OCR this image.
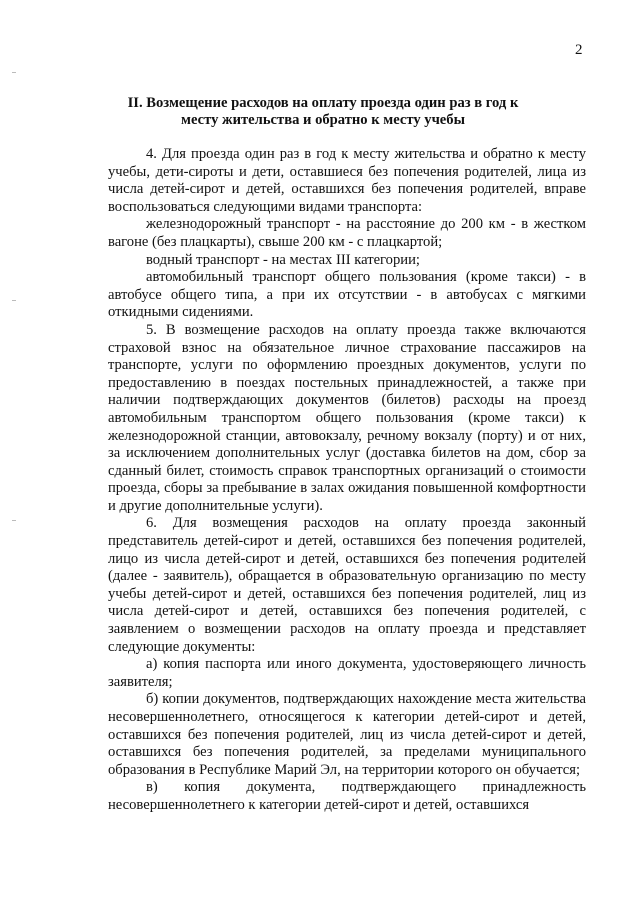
2
II. Возмещение расходов на оплату проезда один раз в год к месту жительства и обратно к месту учебы

4. Для проезда один раз в год к месту жительства и обратно к месту учебы, дети-сироты и дети, оставшиеся без попечения родителей, лица из числа детей-сирот и детей, оставшихся без попечения родителей, вправе воспользоваться следующими видами транспорта:

железнодорожный транспорт - на расстояние до 200 км - в жестком вагоне (без плацкарты), свыше 200 км - с плацкартой;

водный транспорт - на местах III категории;

автомобильный транспорт общего пользования (кроме такси) - в автобусе общего типа, а при их отсутствии - в автобусах с мягкими откидными сидениями.

5. В возмещение расходов на оплату проезда также включаются страховой взнос на обязательное личное страхование пассажиров на транспорте, услуги по оформлению проездных документов, услуги по предоставлению в поездах постельных принадлежностей, а также при наличии подтверждающих документов (билетов) расходы на проезд автомобильным транспортом общего пользования (кроме такси) к железнодорожной станции, автовокзалу, речному вокзалу (порту) и от них, за исключением дополнительных услуг (доставка билетов на дом, сбор за сданный билет, стоимость справок транспортных организаций о стоимости проезда, сборы за пребывание в залах ожидания повышенной комфортности и другие дополнительные услуги).

6. Для возмещения расходов на оплату проезда законный представитель детей-сирот и детей, оставшихся без попечения родителей, лицо из числа детей-сирот и детей, оставшихся без попечения родителей (далее - заявитель), обращается в образовательную организацию по месту учебы детей-сирот и детей, оставшихся без попечения родителей, лиц из числа детей-сирот и детей, оставшихся без попечения родителей, с заявлением о возмещении расходов на оплату проезда и представляет следующие документы:

а) копия паспорта или иного документа, удостоверяющего личность заявителя;

б) копии документов, подтверждающих нахождение места жительства несовершеннолетнего, относящегося к категории детей-сирот и детей, оставшихся без попечения родителей, лиц из числа детей-сирот и детей, оставшихся без попечения родителей, за пределами муниципального образования в Республике Марий Эл, на территории которого он обучается;

в) копия документа, подтверждающего принадлежность несовершеннолетнего к категории детей-сирот и детей, оставшихся
